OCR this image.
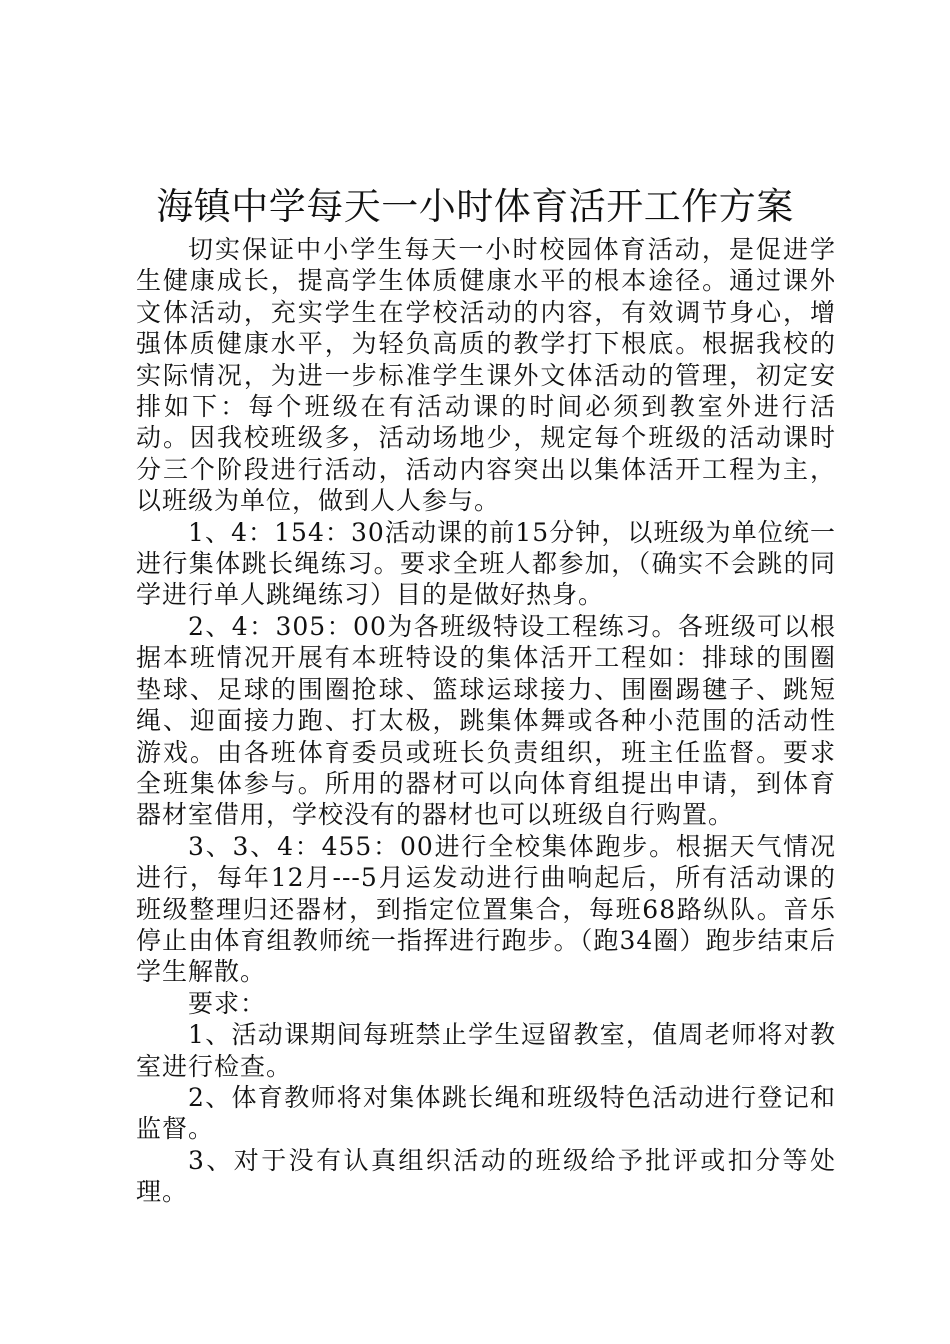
海镇中学每天一小时体育活开工作方案

切实保证中小学生每天一小时校园体育活动，是促进学生健康成长，提高学生体质健康水平的根本途径。通过课外文体活动，充实学生在学校活动的内容，有效调节身心，增强体质健康水平，为轻负高质的教学打下根底。根据我校的实际情况，为进一步标准学生课外文体活动的管理，初定安排如下：每个班级在有活动课的时间必须到教室外进行活动。因我校班级多，活动场地少，规定每个班级的活动课时分三个阶段进行活动，活动内容突出以集体活开工程为主，以班级为单位，做到人人参与。

1、4：154：30活动课的前15分钟，以班级为单位统一进行集体跳长绳练习。要求全班人都参加，（确实不会跳的同学进行单人跳绳练习）目的是做好热身。

2、4：305：00为各班级特设工程练习。各班级可以根据本班情况开展有本班特设的集体活开工程如：排球的围圈垫球、足球的围圈抢球、篮球运球接力、围圈踢毽子、跳短绳、迎面接力跑、打太极，跳集体舞或各种小范围的活动性游戏。由各班体育委员或班长负责组织，班主任监督。要求全班集体参与。所用的器材可以向体育组提出申请，到体育器材室借用，学校没有的器材也可以班级自行购置。

3、3、4：455：00进行全校集体跑步。根据天气情况进行，每年12月---5月运发动进行曲响起后，所有活动课的班级整理归还器材，到指定位置集合，每班68路纵队。音乐停止由体育组教师统一指挥进行跑步。（跑34圈）跑步结束后学生解散。

要求：

1、活动课期间每班禁止学生逗留教室，值周老师将对教室进行检查。

2、体育教师将对集体跳长绳和班级特色活动进行登记和监督。

3、对于没有认真组织活动的班级给予批评或扣分等处理。
